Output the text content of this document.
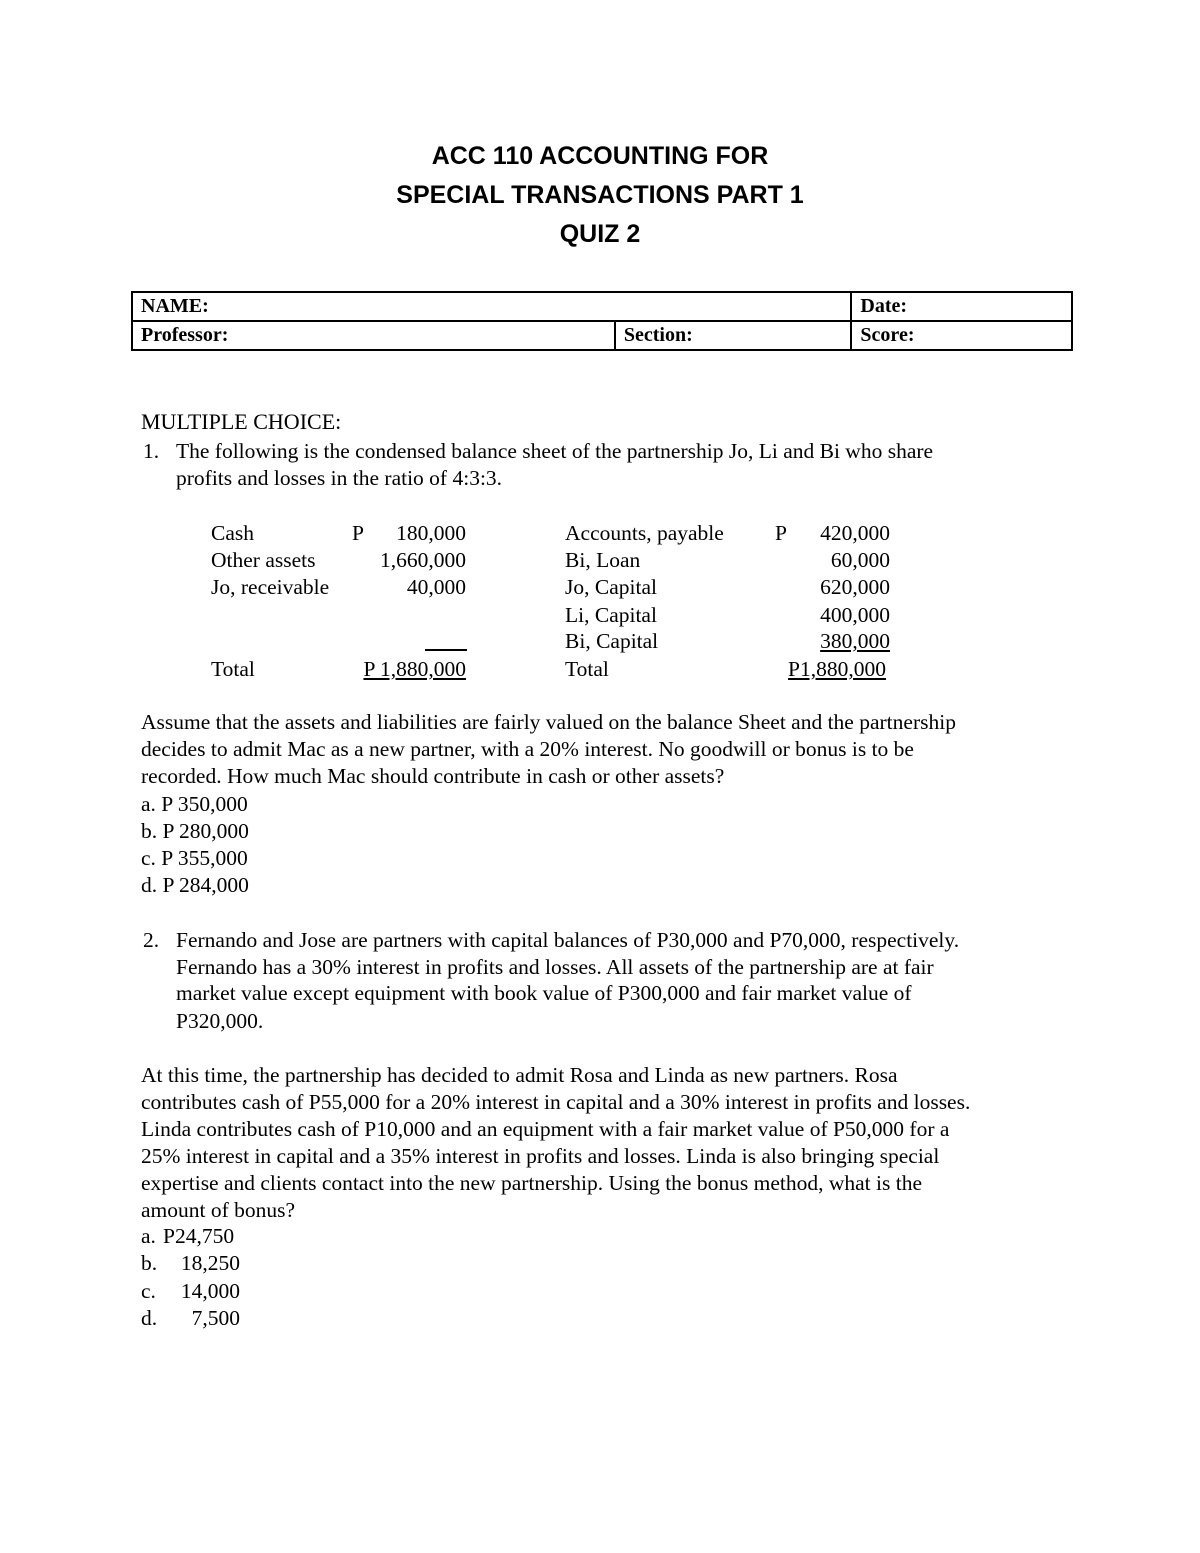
ACC 110 ACCOUNTING FOR
SPECIAL TRANSACTIONS PART 1
QUIZ 2
NAME:		Date:
Professor:	Section:	Score:
MULTIPLE CHOICE:
1. The following is the condensed balance sheet of the partnership Jo, Li and Bi who share
profits and losses in the ratio of 4:3:3.
Cash	P	180,000
Other assets	1,660,000
Jo, receivable	40,000
Total	P 1,880,000
Accounts, payable P	420,000
Bi, Loan	60,000
Jo, Capital	620,000
Li, Capital	400,000
Bi, Capital	380,000
Total	P1,880,000
Assume that the assets and liabilities are fairly valued on the balance Sheet and the partnership
decides to admit Mac as a new partner, with a 20% interest. No goodwill or bonus is to be
recorded. How much Mac should contribute in cash or other assets?
a. P 350,000
b. P 280,000
c. P 355,000
d. P 284,000
2. Fernando and Jose are partners with capital balances of P30,000 and P70,000, respectively.
Fernando has a 30% interest in profits and losses. All assets of the partnership are at fair
market value except equipment with book value of P300,000 and fair market value of
P320,000.
At this time, the partnership has decided to admit Rosa and Linda as new partners. Rosa
contributes cash of P55,000 for a 20% interest in capital and a 30% interest in profits and losses.
Linda contributes cash of P10,000 and an equipment with a fair market value of P50,000 for a
25% interest in capital and a 35% interest in profits and losses. Linda is also bringing special
expertise and clients contact into the new partnership. Using the bonus method, what is the
amount of bonus?
a. P24,750
b.	18,250
c.	14,000
d.	7,500
